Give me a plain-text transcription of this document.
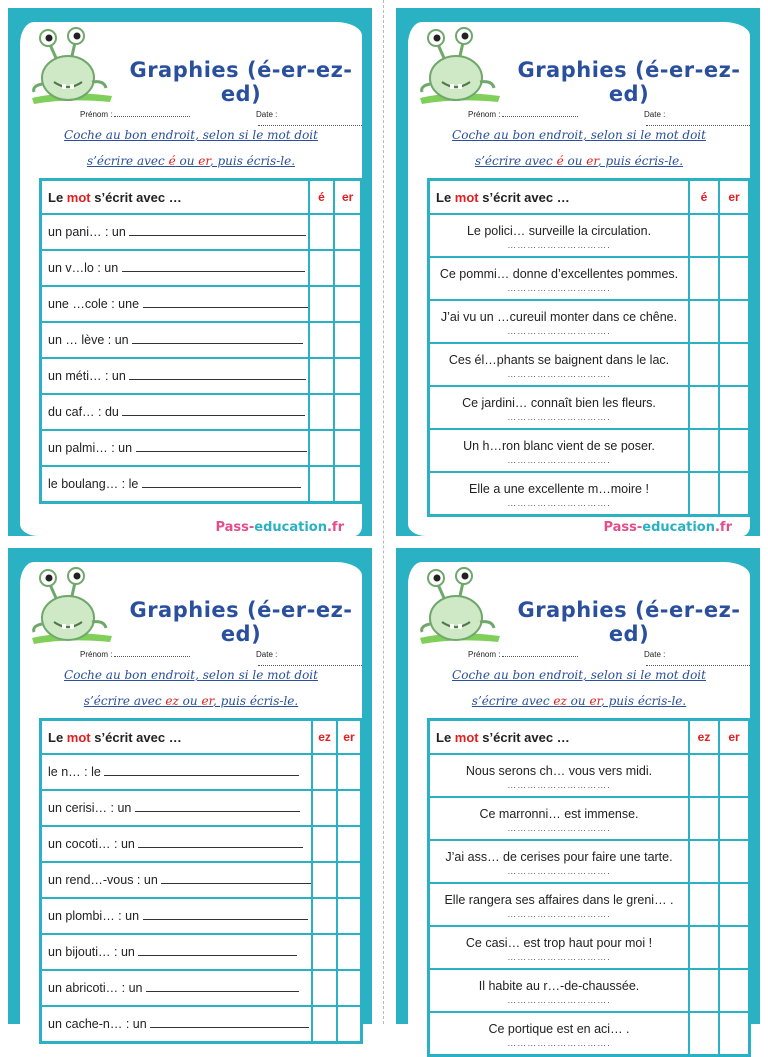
Graphies (é-er-ez-ed)
Prénom :	Date :
Coche au bon endroit, selon si le mot doit
s’écrire avec é ou er, puis écris-le.
Le mot s’écrit avec …	é	er
un pani… : un		
un v…lo : un		
une …cole : une		
un … lève : un		
un méti… : un		
du caf… : du		
un palmi… : un		
le boulang… : le		
Pass-education.fr
Graphies (é-er-ez-ed)
Prénom :	Date :
Coche au bon endroit, selon si le mot doit
s’écrire avec é ou er, puis écris-le.
Le mot s’écrit avec …	é	er
Le polici… surveille la circulation.
………………………….		

Ce pommi… donne d’excellentes pommes.
………………………….		

J’ai vu un …cureuil monter dans ce chêne.
………………………….		

Ces él…phants se baignent dans le lac.
………………………….		

Ce jardini… connaît bien les fleurs.
………………………….		

Un h…ron blanc vient de se poser.
………………………….		

Elle a une excellente m…moire !
………………………….		

Pass-education.fr
Graphies (é-er-ez-ed)
Prénom :	Date :
Coche au bon endroit, selon si le mot doit
s’écrire avec ez ou er, puis écris-le.
Le mot s’écrit avec …	ez	er
le n… : le		
un cerisi… : un		
un cocoti… : un		
un rend…-vous : un		
un plombi… : un		
un bijouti… : un		
un abricoti… : un		
un cache-n… : un		
Graphies (é-er-ez-ed)
Prénom :	Date :
Coche au bon endroit, selon si le mot doit
s’écrire avec ez ou er, puis écris-le.
Le mot s’écrit avec …	ez	er
Nous serons ch… vous vers midi.
………………………….		

Ce marronni… est immense.
………………………….		

J’ai ass… de cerises pour faire une tarte.
………………………….		

Elle rangera ses affaires dans le greni… .
………………………….		

Ce casi… est trop haut pour moi !
………………………….		

Il habite au r…-de-chaussée.
………………………….		

Ce portique est en aci… .
………………………….		
